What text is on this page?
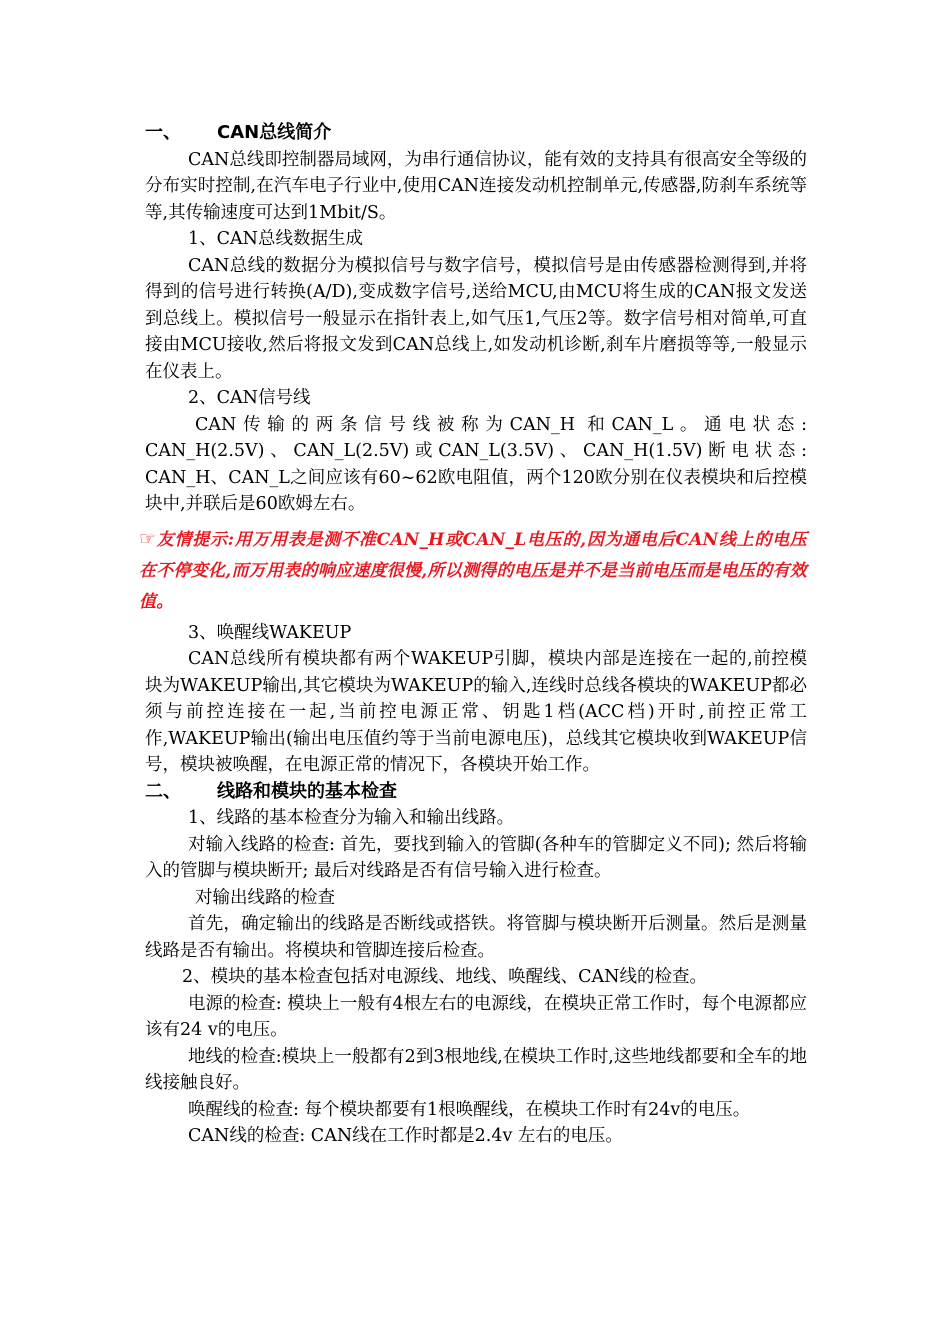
一、	CAN总线简介

CAN总线即控制器局域网，为串行通信协议，能有效的支持具有很高安全等级的分布实时控制,在汽车电子行业中,使用CAN连接发动机控制单元,传感器,防刹车系统等等,其传输速度可达到1Mbit/S。

1、CAN总线数据生成

CAN总线的数据分为模拟信号与数字信号，模拟信号是由传感器检测得到,并将得到的信号进行转换(A/D),变成数字信号,送给MCU,由MCU将生成的CAN报文发送到总线上。模拟信号一般显示在指针表上,如气压1,气压2等。数字信号相对简单,可直接由MCU接收,然后将报文发到CAN总线上,如发动机诊断,刹车片磨损等等,一般显示在仪表上。

2、CAN信号线

CAN传输的两条信号线被称为CAN_H 和CAN_L。通电状态: CAN_H(2.5V)、CAN_L(2.5V)或CAN_L(3.5V)、CAN_H(1.5V)断电状态: CAN_H、CAN_L之间应该有60~62欧电阻值，两个120欧分别在仪表模块和后控模块中,并联后是60欧姆左右。

☞友情提示:用万用表是测不准CAN_H或CAN_L电压的,因为通电后CAN线上的电压在不停变化,而万用表的响应速度很慢,所以测得的电压是并不是当前电压而是电压的有效值。

3、唤醒线WAKEUP

CAN总线所有模块都有两个WAKEUP引脚，模块内部是连接在一起的,前控模块为WAKEUP输出,其它模块为WAKEUP的输入,连线时总线各模块的WAKEUP都必须与前控连接在一起,当前控电源正常、钥匙1档(ACC档)开时,前控正常工作,WAKEUP输出(输出电压值约等于当前电源电压)，总线其它模块收到WAKEUP信号，模块被唤醒，在电源正常的情况下，各模块开始工作。

二、	线路和模块的基本检查

1、线路的基本检查分为输入和输出线路。

对输入线路的检查: 首先，要找到输入的管脚(各种车的管脚定义不同); 然后将输入的管脚与模块断开; 最后对线路是否有信号输入进行检查。

对输出线路的检查

首先，确定输出的线路是否断线或搭铁。将管脚与模块断开后测量。然后是测量线路是否有输出。将模块和管脚连接后检查。

2、模块的基本检查包括对电源线、地线、唤醒线、CAN线的检查。

电源的检查: 模块上一般有4根左右的电源线，在模块正常工作时，每个电源都应该有24 v的电压。

地线的检查:模块上一般都有2到3根地线,在模块工作时,这些地线都要和全车的地线接触良好。

唤醒线的检查: 每个模块都要有1根唤醒线，在模块工作时有24v的电压。

CAN线的检查: CAN线在工作时都是2.4v 左右的电压。
